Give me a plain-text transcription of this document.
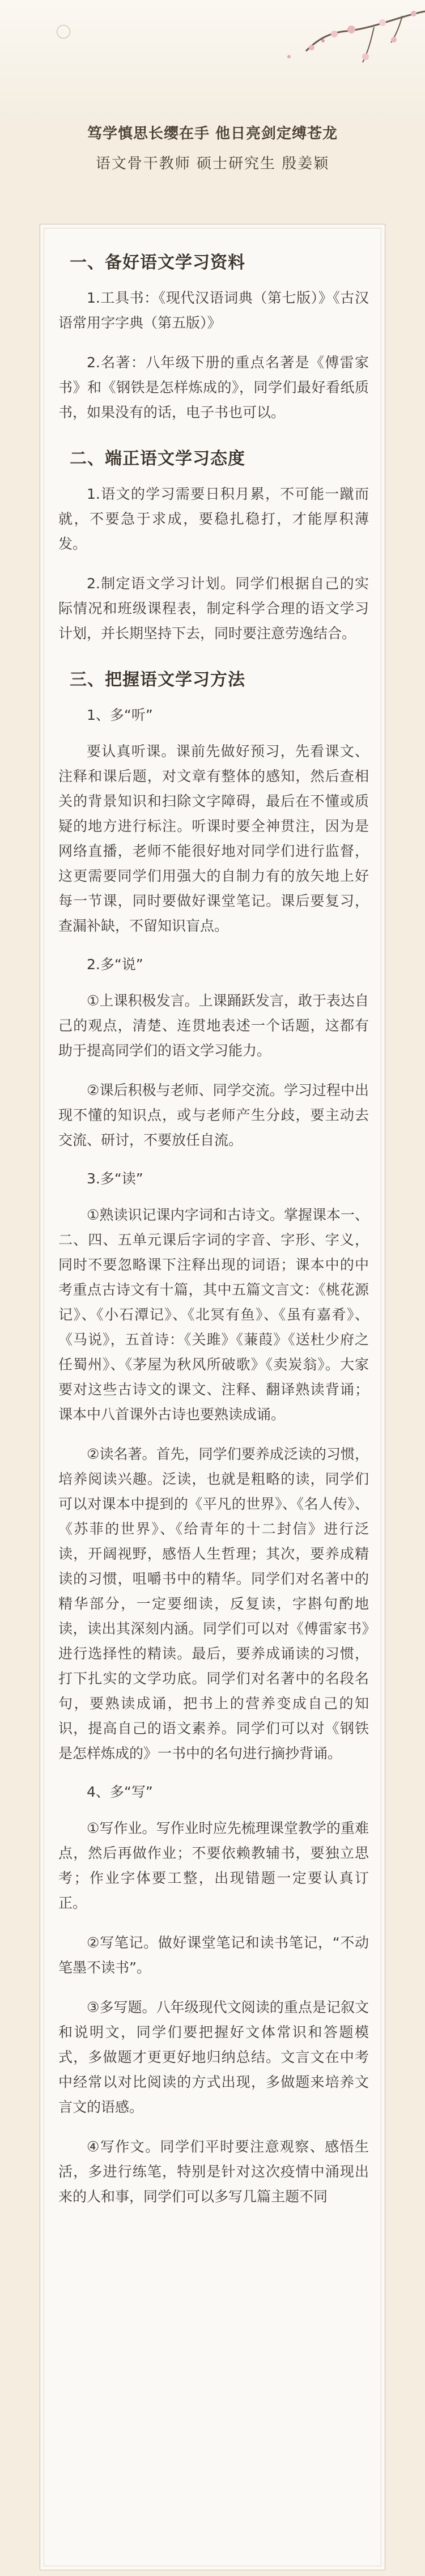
笃学慎思长缨在手 他日亮剑定缚苍龙
语文骨干教师 硕士研究生 殷姜颖
一、备好语文学习资料

1.工具书：《现代汉语词典（第七版）》《古汉语常用字字典（第五版）》

2.名著：八年级下册的重点名著是《傅雷家书》和《钢铁是怎样炼成的》，同学们最好看纸质书，如果没有的话，电子书也可以。

二、端正语文学习态度

1.语文的学习需要日积月累，不可能一蹴而就，不要急于求成，要稳扎稳打，才能厚积薄发。

2.制定语文学习计划。同学们根据自己的实际情况和班级课程表，制定科学合理的语文学习计划，并长期坚持下去，同时要注意劳逸结合。

三、把握语文学习方法
1、多“听”

要认真听课。课前先做好预习，先看课文、注释和课后题，对文章有整体的感知，然后查相关的背景知识和扫除文字障碍，最后在不懂或质疑的地方进行标注。听课时要全神贯注，因为是网络直播，老师不能很好地对同学们进行监督，这更需要同学们用强大的自制力有的放矢地上好每一节课，同时要做好课堂笔记。课后要复习，查漏补缺，不留知识盲点。

2.多“说”

①上课积极发言。上课踊跃发言，敢于表达自己的观点，清楚、连贯地表述一个话题，这都有助于提高同学们的语文学习能力。

②课后积极与老师、同学交流。学习过程中出现不懂的知识点，或与老师产生分歧，要主动去交流、研讨，不要放任自流。

3.多“读”

①熟读识记课内字词和古诗文。掌握课本一、二、四、五单元课后字词的字音、字形、字义，同时不要忽略课下注释出现的词语；课本中的中考重点古诗文有十篇，其中五篇文言文：《桃花源记》、《小石潭记》、《北冥有鱼》、《虽有嘉肴》、《马说》，五首诗：《关雎》《蒹葭》《送杜少府之任蜀州》、《茅屋为秋风所破歌》《卖炭翁》。大家要对这些古诗文的课文、注释、翻译熟读背诵；课本中八首课外古诗也要熟读成诵。

②读名著。首先，同学们要养成泛读的习惯，培养阅读兴趣。泛读，也就是粗略的读，同学们可以对课本中提到的《平凡的世界》、《名人传》、《苏菲的世界》、《给青年的十二封信》进行泛读，开阔视野，感悟人生哲理；其次，要养成精读的习惯，咀嚼书中的精华。同学们对名著中的精华部分，一定要细读，反复读，字斟句酌地读，读出其深刻内涵。同学们可以对《傅雷家书》进行选择性的精读。最后，要养成诵读的习惯，打下扎实的文学功底。同学们对名著中的名段名句，要熟读成诵，把书上的营养变成自己的知识，提高自己的语文素养。同学们可以对《钢铁是怎样炼成的》一书中的名句进行摘抄背诵。

4、多“写”

①写作业。写作业时应先梳理课堂教学的重难点，然后再做作业；不要依赖教辅书，要独立思考；作业字体要工整，出现错题一定要认真订正。

②写笔记。做好课堂笔记和读书笔记，“不动笔墨不读书”。

③多写题。八年级现代文阅读的重点是记叙文和说明文，同学们要把握好文体常识和答题模式，多做题才更更好地归纳总结。文言文在中考中经常以对比阅读的方式出现，多做题来培养文言文的语感。

④写作文。同学们平时要注意观察、感悟生活，多进行练笔，特别是针对这次疫情中涌现出来的人和事，同学们可以多写几篇主题不同
